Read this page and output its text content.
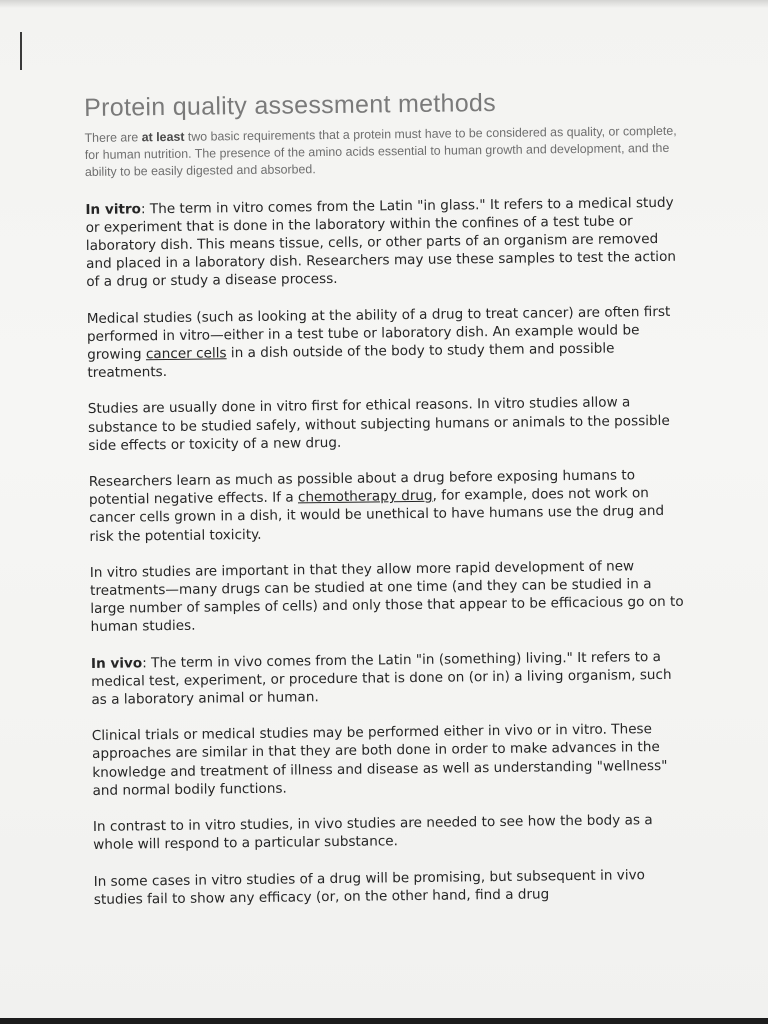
Protein quality assessment methods

There are at least two basic requirements that a protein must have to be considered as quality, or complete, for human nutrition. The presence of the amino acids essential to human growth and development, and the ability to be easily digested and absorbed.

In vitro: The term in vitro comes from the Latin "in glass." It refers to a medical study or experiment that is done in the laboratory within the confines of a test tube or laboratory dish. This means tissue, cells, or other parts of an organism are removed and placed in a laboratory dish. Researchers may use these samples to test the action of a drug or study a disease process.

Medical studies (such as looking at the ability of a drug to treat cancer) are often first performed in vitro—either in a test tube or laboratory dish. An example would be growing cancer cells in a dish outside of the body to study them and possible treatments.

Studies are usually done in vitro first for ethical reasons. In vitro studies allow a substance to be studied safely, without subjecting humans or animals to the possible side effects or toxicity of a new drug.

Researchers learn as much as possible about a drug before exposing humans to potential negative effects. If a chemotherapy drug, for example, does not work on cancer cells grown in a dish, it would be unethical to have humans use the drug and risk the potential toxicity.

In vitro studies are important in that they allow more rapid development of new treatments—many drugs can be studied at one time (and they can be studied in a large number of samples of cells) and only those that appear to be efficacious go on to human studies.

In vivo: The term in vivo comes from the Latin "in (something) living." It refers to a medical test, experiment, or procedure that is done on (or in) a living organism, such as a laboratory animal or human.

Clinical trials or medical studies may be performed either in vivo or in vitro. These approaches are similar in that they are both done in order to make advances in the knowledge and treatment of illness and disease as well as understanding "wellness" and normal bodily functions.

In contrast to in vitro studies, in vivo studies are needed to see how the body as a whole will respond to a particular substance.

In some cases in vitro studies of a drug will be promising, but subsequent in vivo studies fail to show any efficacy (or, on the other hand, find a drug
